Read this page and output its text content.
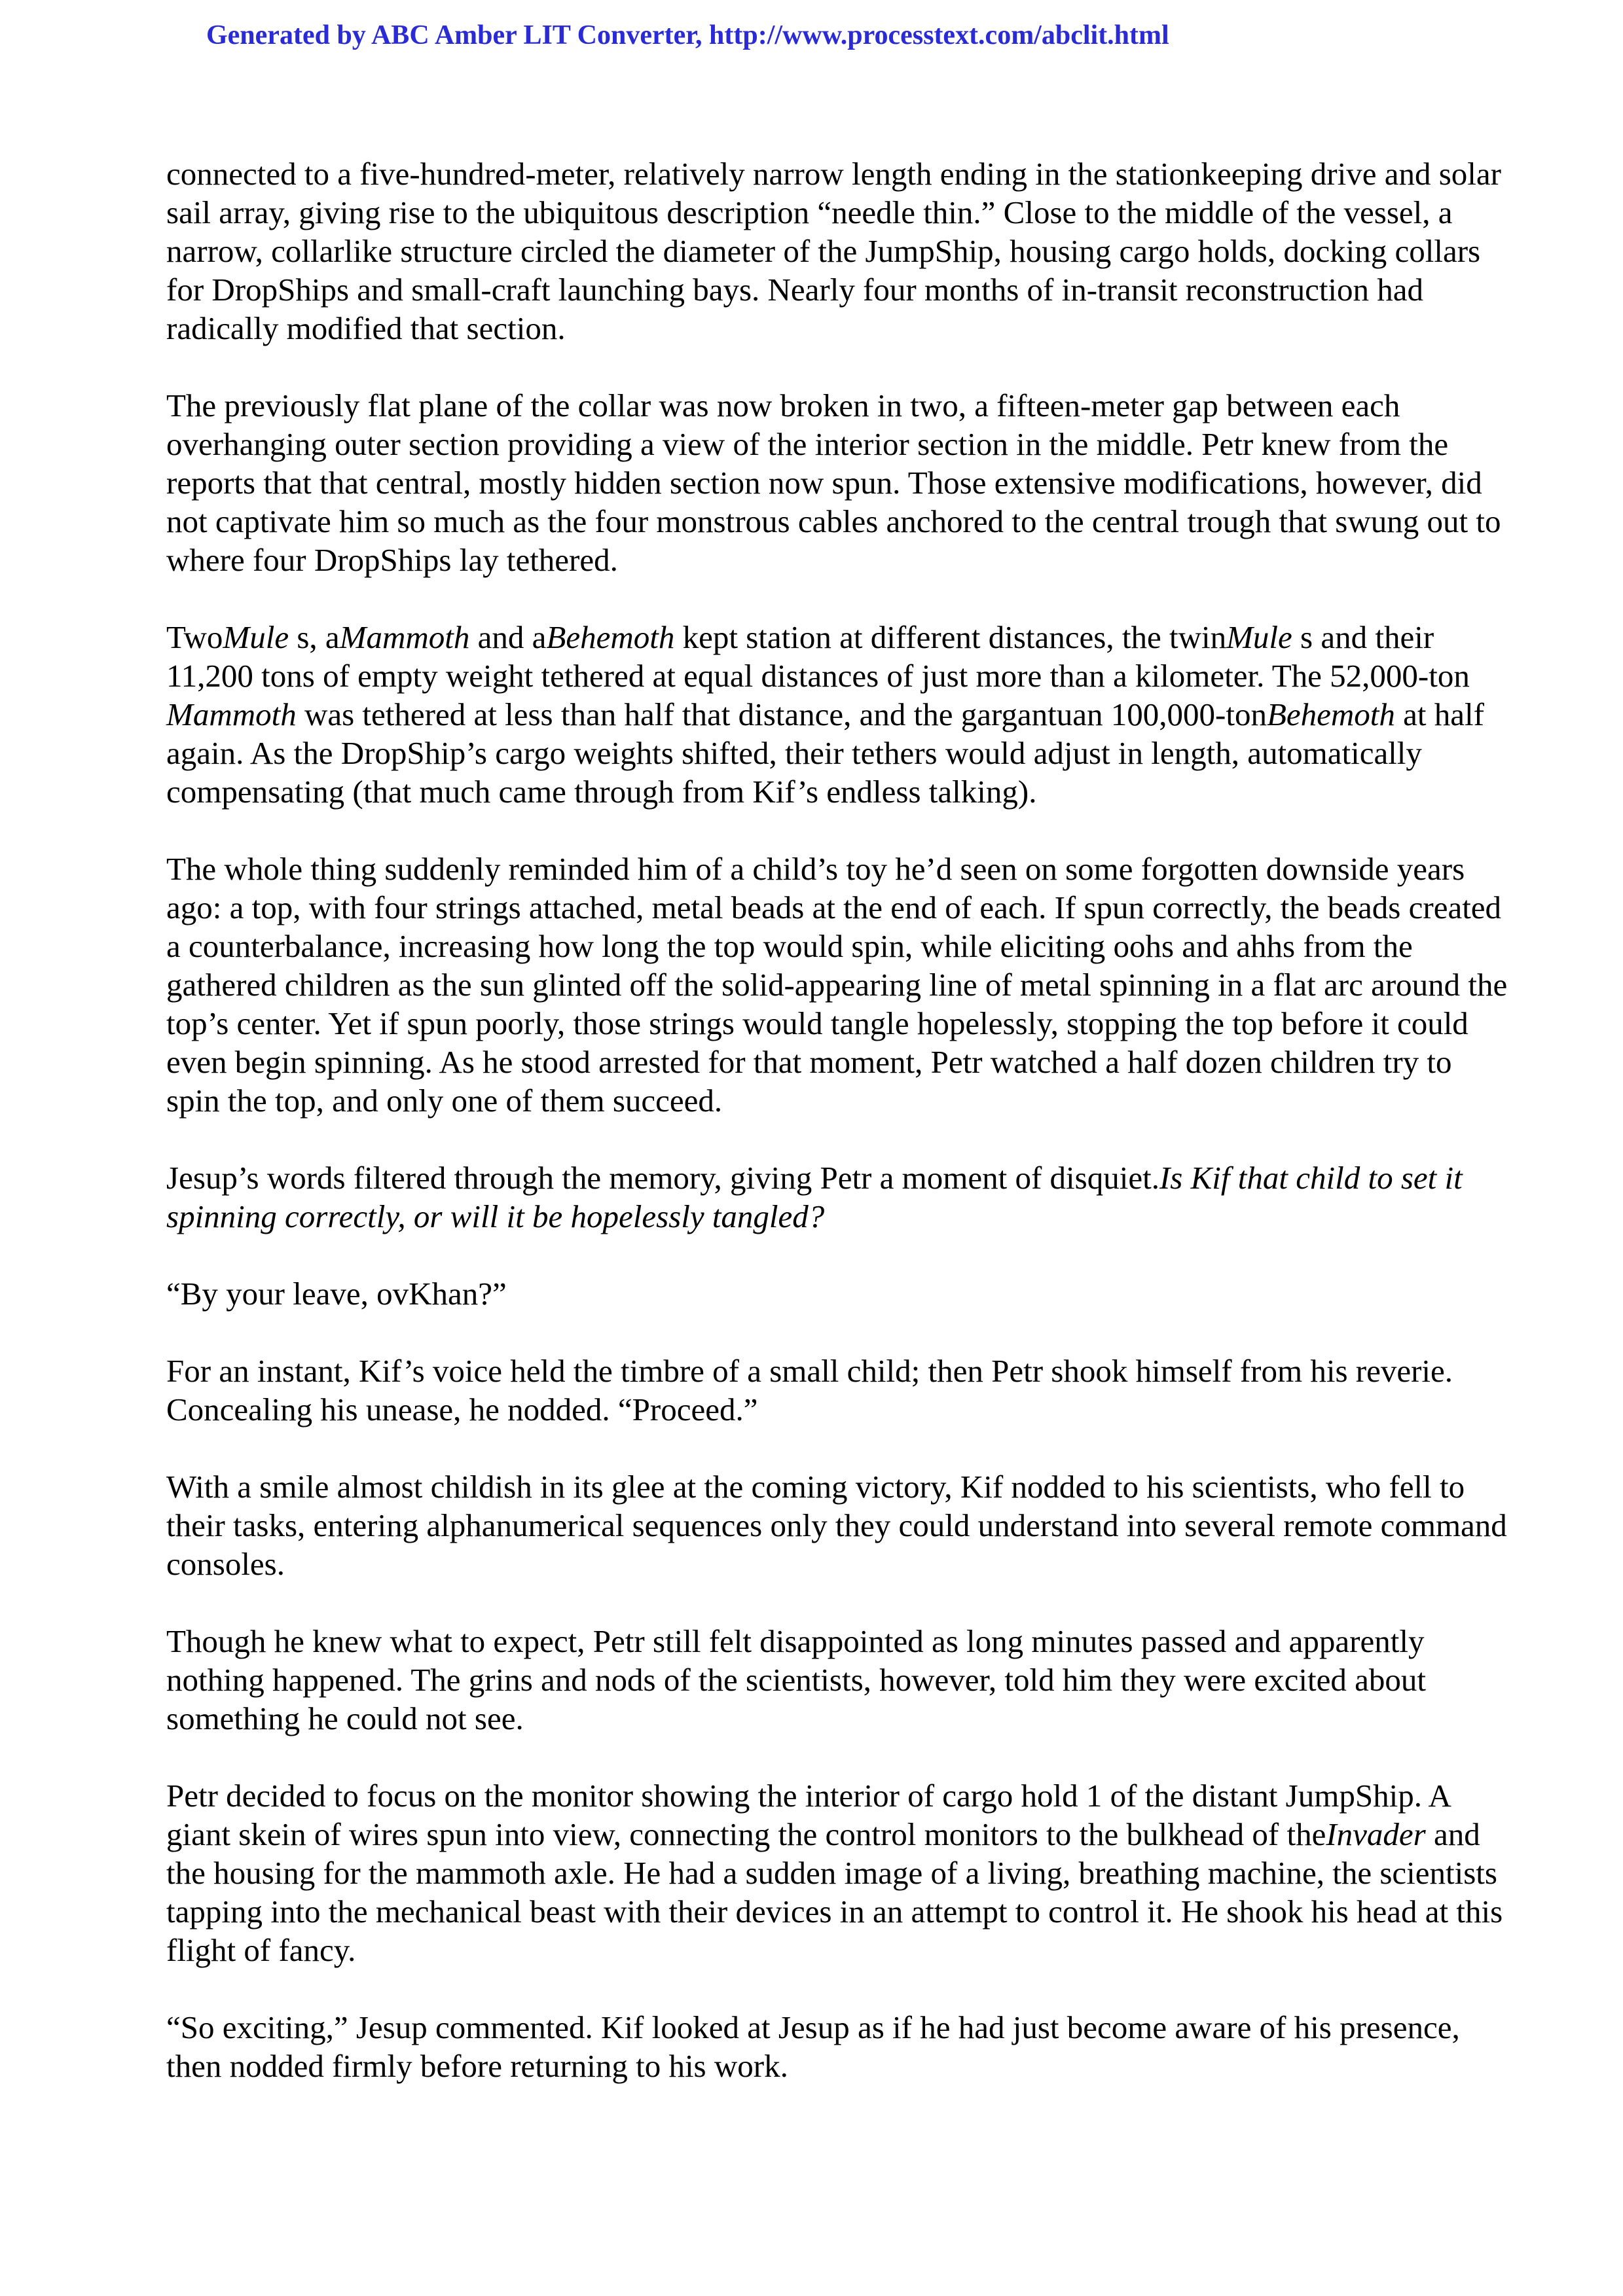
Generated by ABC Amber LIT Converter, http://www.processtext.com/abclit.html

connected to a five-hundred-meter, relatively narrow length ending in the stationkeeping drive and solar sail array, giving rise to the ubiquitous description “needle thin.” Close to the middle of the vessel, a narrow, collarlike structure circled the diameter of the JumpShip, housing cargo holds, docking collars for DropShips and small-craft launching bays. Nearly four months of in-transit reconstruction had radically modified that section.

The previously flat plane of the collar was now broken in two, a fifteen-meter gap between each overhanging outer section providing a view of the interior section in the middle. Petr knew from the reports that that central, mostly hidden section now spun. Those extensive modifications, however, did not captivate him so much as the four monstrous cables anchored to the central trough that swung out to where four DropShips lay tethered.

TwoMule s, aMammoth and aBehemoth kept station at different distances, the twinMule s and their 11,200 tons of empty weight tethered at equal distances of just more than a kilometer. The 52,000-ton Mammoth was tethered at less than half that distance, and the gargantuan 100,000-tonBehemoth at half again. As the DropShip’s cargo weights shifted, their tethers would adjust in length, automatically compensating (that much came through from Kif’s endless talking).

The whole thing suddenly reminded him of a child’s toy he’d seen on some forgotten downside years ago: a top, with four strings attached, metal beads at the end of each. If spun correctly, the beads created a counterbalance, increasing how long the top would spin, while eliciting oohs and ahhs from the gathered children as the sun glinted off the solid-appearing line of metal spinning in a flat arc around the top’s center. Yet if spun poorly, those strings would tangle hopelessly, stopping the top before it could even begin spinning. As he stood arrested for that moment, Petr watched a half dozen children try to spin the top, and only one of them succeed.

Jesup’s words filtered through the memory, giving Petr a moment of disquiet.Is Kif that child to set it spinning correctly, or will it be hopelessly tangled?

“By your leave, ovKhan?”

For an instant, Kif’s voice held the timbre of a small child; then Petr shook himself from his reverie. Concealing his unease, he nodded. “Proceed.”

With a smile almost childish in its glee at the coming victory, Kif nodded to his scientists, who fell to their tasks, entering alphanumerical sequences only they could understand into several remote command consoles.

Though he knew what to expect, Petr still felt disappointed as long minutes passed and apparently nothing happened. The grins and nods of the scientists, however, told him they were excited about something he could not see.

Petr decided to focus on the monitor showing the interior of cargo hold 1 of the distant JumpShip. A giant skein of wires spun into view, connecting the control monitors to the bulkhead of theInvader and the housing for the mammoth axle. He had a sudden image of a living, breathing machine, the scientists tapping into the mechanical beast with their devices in an attempt to control it. He shook his head at this flight of fancy.

“So exciting,” Jesup commented. Kif looked at Jesup as if he had just become aware of his presence, then nodded firmly before returning to his work.
